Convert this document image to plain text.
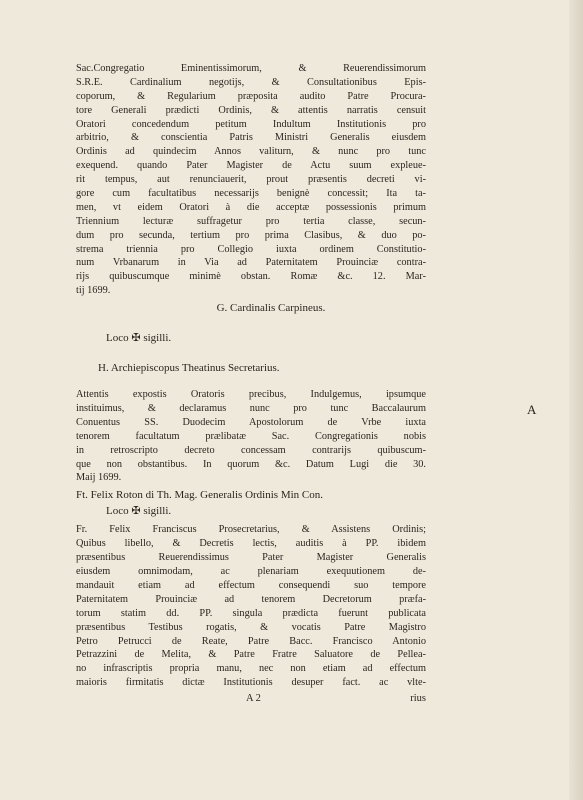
Sac.Congregatio Eminentissimorum, & Reuerendissimorum
S.R.E. Cardinalium negotijs, & Consultationibus Epis-
coporum, & Regularium præposita audito Patre Procura-
tore Generali prædicti Ordinis, & attentis narratis censuit
Oratori concedendum petitum Indultum Institutionis pro
arbitrio, & conscientia Patris Ministri Generalis eiusdem
Ordinis ad quindecim Annos valiturn, & nunc pro tunc
exequend. quando Pater Magister de Actu suum expleue-
rit tempus, aut renunciauerit, prout præsentis decreti vi-
gore cum facultatibus necessarijs benignè concessit; Ita ta-
men, vt eidem Oratori à die acceptæ possessionis primum
Triennium lecturæ suffragetur pro tertia classe, secun-
dum pro secunda, tertium pro prima Clasibus, & duo po-
strema triennia pro Collegio iuxta ordinem Constitutio-
num Vrbanarum in Via ad Paternitatem Prouinciæ contra-
rijs quibuscumque minimè obstan. Romæ &c. 12. Mar-
tij 1699.
G. Cardinalis Carpineus.
Loco ✠ sigilli.
H. Archiepiscopus Theatinus Secretarius.
Attentis expostis Oratoris precibus, Indulgemus, ipsumque
instituimus, & declaramus nunc pro tunc Baccalaurum
Conuentus SS. Duodecim Apostolorum de Vrbe iuxta
tenorem facultatum prælibatæ Sac. Congregationis nobis
in retroscripto decreto concessam contrarijs quibuscum-
que non obstantibus. In quorum &c. Datum Lugi die 30.
Maij 1699.
Ft. Felix Roton di Th. Mag. Generalis Ordinis Min Con.
Loco ✠ sigilli.
Fr. Felix Franciscus Prosecretarius, & Assistens Ordinis;
Quibus libello, & Decretis lectis, auditis à PP. ibidem
præsentibus Reuerendissimus Pater Magister Generalis
eiusdem omnimodam, ac plenariam exequutionem de-
mandauit etiam ad effectum consequendi suo tempore
Paternitatem Prouinciæ ad tenorem Decretorum præfa-
torum statim dd. PP. singula prædicta fuerunt publicata
præsentibus Testibus rogatis, & vocatis Patre Magistro
Petro Petrucci de Reate, Patre Bacc. Francisco Antonio
Petrazzini de Melita, & Patre Fratre Saluatore de Pellea-
no infrascriptis propria manu, nec non etiam ad effectum
maioris firmitatis dictæ Institutionis desuper fact. ac vlte-
A 2	rius
A
